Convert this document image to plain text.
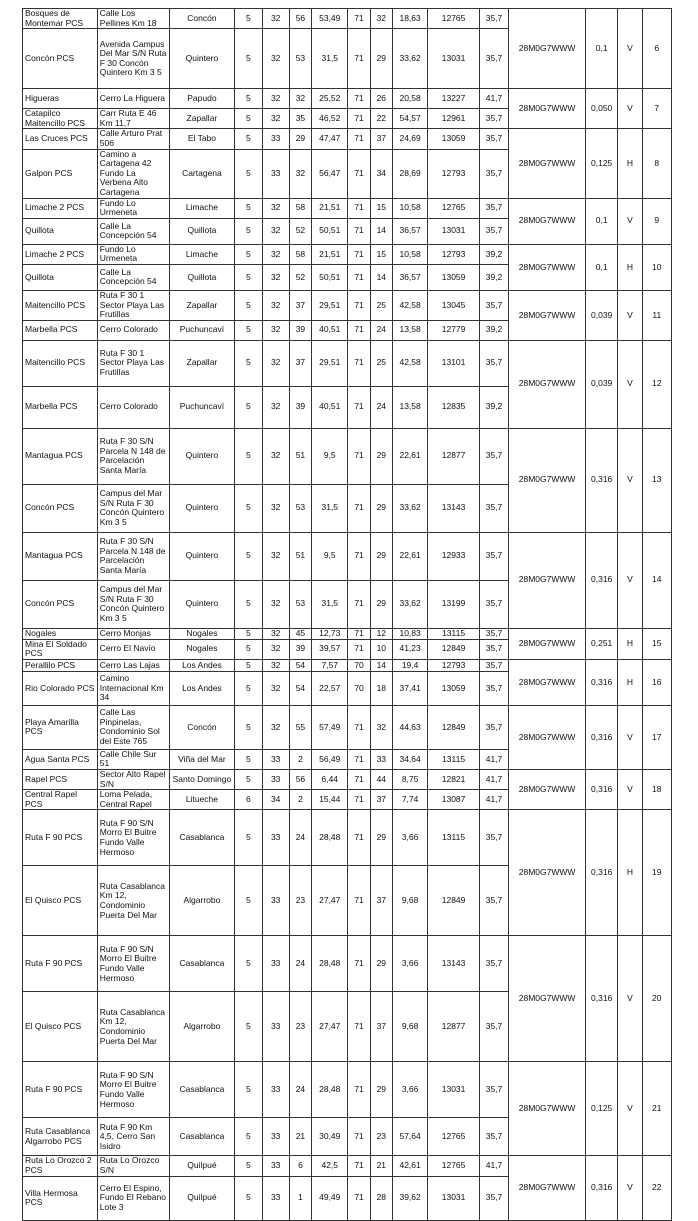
Bosques de Montemar PCS	Calle Los Pellines Km 18	Concón	5	32	56	53,49	71	32	18,63	12765	35,7	28M0G7WWW	0,1	V	6
Concón PCS	Avenida Campus Del Mar S/N Ruta F 30 Concón Quintero Km 3 5	Quintero	5	32	53	31,5	71	29	33,62	13031	35,7				
Higueras	Cerro La Higuera	Papudo	5	32	32	25,52	71	26	20,58	13227	41,7	28M0G7WWW	0,050	V	7
Catapilco Maitencillo PCS	Carr Ruta E 46 Km 11,7	Zapallar	5	32	35	46,52	71	22	54,57	12961	35,7				
Las Cruces PCS	Calle Arturo Prat 506	El Tabo	5	33	29	47,47	71	37	24,69	13059	35,7	28M0G7WWW	0,125	H	8
Galpon PCS	Camino a Cartagena 42 Fundo La Verbena Alto Cartagena	Cartagena	5	33	32	56,47	71	34	28,69	12793	35,7				
Limache 2 PCS	Fundo Lo Urmeneta	Limache	5	32	58	21,51	71	15	10,58	12765	35,7	28M0G7WWW	0,1	V	9
Quillota	Calle La Concepción 54	Quillota	5	32	52	50,51	71	14	36,57	13031	35,7				
Limache 2 PCS	Fundo Lo Urmeneta	Limache	5	32	58	21,51	71	15	10,58	12793	39,2	28M0G7WWW	0,1	H	10
Quillota	Calle La Concepción 54	Quillota	5	32	52	50,51	71	14	36,57	13059	39,2				
Maitencillo PCS	Ruta F 30 1 Sector Playa Las Frutillas	Zapallar	5	32	37	29,51	71	25	42,58	13045	35,7	28M0G7WWW	0,039	V	11
Marbella PCS	Cerro Colorado	Puchuncaví	5	32	39	40,51	71	24	13,58	12779	39,2				
Maitencillo PCS	Ruta F 30 1 Sector Playa Las Frutillas	Zapallar	5	32	37	29,51	71	25	42,58	13101	35,7	28M0G7WWW	0,039	V	12
Marbella PCS	Cerro Colorado	Puchuncaví	5	32	39	40,51	71	24	13,58	12835	39,2				
Mantagua PCS	Ruta F 30 S/N Parcela N 148 de Parcelación Santa María	Quintero	5	32	51	9,5	71	29	22,61	12877	35,7	28M0G7WWW	0,316	V	13
Concón PCS	Campus del Mar S/N Ruta F 30 Concón Quintero Km 3 5	Quintero	5	32	53	31,5	71	29	33,62	13143	35,7				
Mantagua PCS	Ruta F 30 S/N Parcela N 148 de Parcelación Santa María	Quintero	5	32	51	9,5	71	29	22,61	12933	35,7	28M0G7WWW	0,316	V	14
Concón PCS	Campus del Mar S/N Ruta F 30 Concón Quintero Km 3 5	Quintero	5	32	53	31,5	71	29	33,62	13199	35,7				
Nogales	Cerro Monjas	Nogales	5	32	45	12,73	71	12	10,83	13115	35,7	28M0G7WWW	0,251	H	15
Mina El Soldado PCS	Cerro El Navío	Nogales	5	32	39	39,57	71	10	41,23	12849	35,7				
Perallilo PCS	Cerro Las Lajas	Los Andes	5	32	54	7,57	70	14	19,4	12793	35,7	28M0G7WWW	0,316	H	16
Rio Colorado PCS	Camino Internacional Km 34	Los Andes	5	32	54	22,57	70	18	37,41	13059	35,7				
Playa Amarilla PCS	Calle Las Pinpinelas, Condominio Sol del Este 765	Concón	5	32	55	57,49	71	32	44,63	12849	35,7	28M0G7WWW	0,316	V	17
Agua Santa PCS	Calle Chile Sur 51	Viña del Mar	5	33	2	56,49	71	33	34,64	13115	41,7				
Rapel PCS	Sector Alto Rapel S/N	Santo Domingo	5	33	56	6,44	71	44	8,75	12821	41,7	28M0G7WWW	0,316	V	18
Central Rapel PCS	Loma Pelada, Central Rapel	Litueche	6	34	2	15,44	71	37	7,74	13087	41,7				
Ruta F 90 PCS	Ruta F 90 S/N Morro El Buitre Fundo Valle Hermoso	Casablanca	5	33	24	28,48	71	29	3,66	13115	35,7	28M0G7WWW	0,316	H	19
El Quisco PCS	Ruta Casablanca Km 12, Condominio Puerta Del Mar	Algarrobo	5	33	23	27,47	71	37	9,68	12849	35,7				
Ruta F 90 PCS	Ruta F 90 S/N Morro El Buitre Fundo Valle Hermoso	Casablanca	5	33	24	28,48	71	29	3,66	13143	35,7	28M0G7WWW	0,316	V	20
El Quisco PCS	Ruta Casablanca Km 12, Condominio Puerta Del Mar	Algarrobo	5	33	23	27,47	71	37	9,68	12877	35,7				
Ruta F 90 PCS	Ruta F 90 S/N Morro El Buitre Fundo Valle Hermoso	Casablanca	5	33	24	28,48	71	29	3,66	13031	35,7	28M0G7WWW	0,125	V	21
Ruta Casablanca Algarrobo PCS	Ruta F 90 Km 4,5, Cerro San Isidro	Casablanca	5	33	21	30,49	71	23	57,64	12765	35,7				
Ruta Lo Orozco 2 PCS	Ruta Lo Orozco S/N	Quilpué	5	33	6	42,5	71	21	42,61	12765	41,7	28M0G7WWW	0,316	V	22
Villa Hermosa PCS	Cerro El Espino, Fundo El Rebano Lote 3	Quilpué	5	33	1	49,49	71	28	39,62	13031	35,7				
